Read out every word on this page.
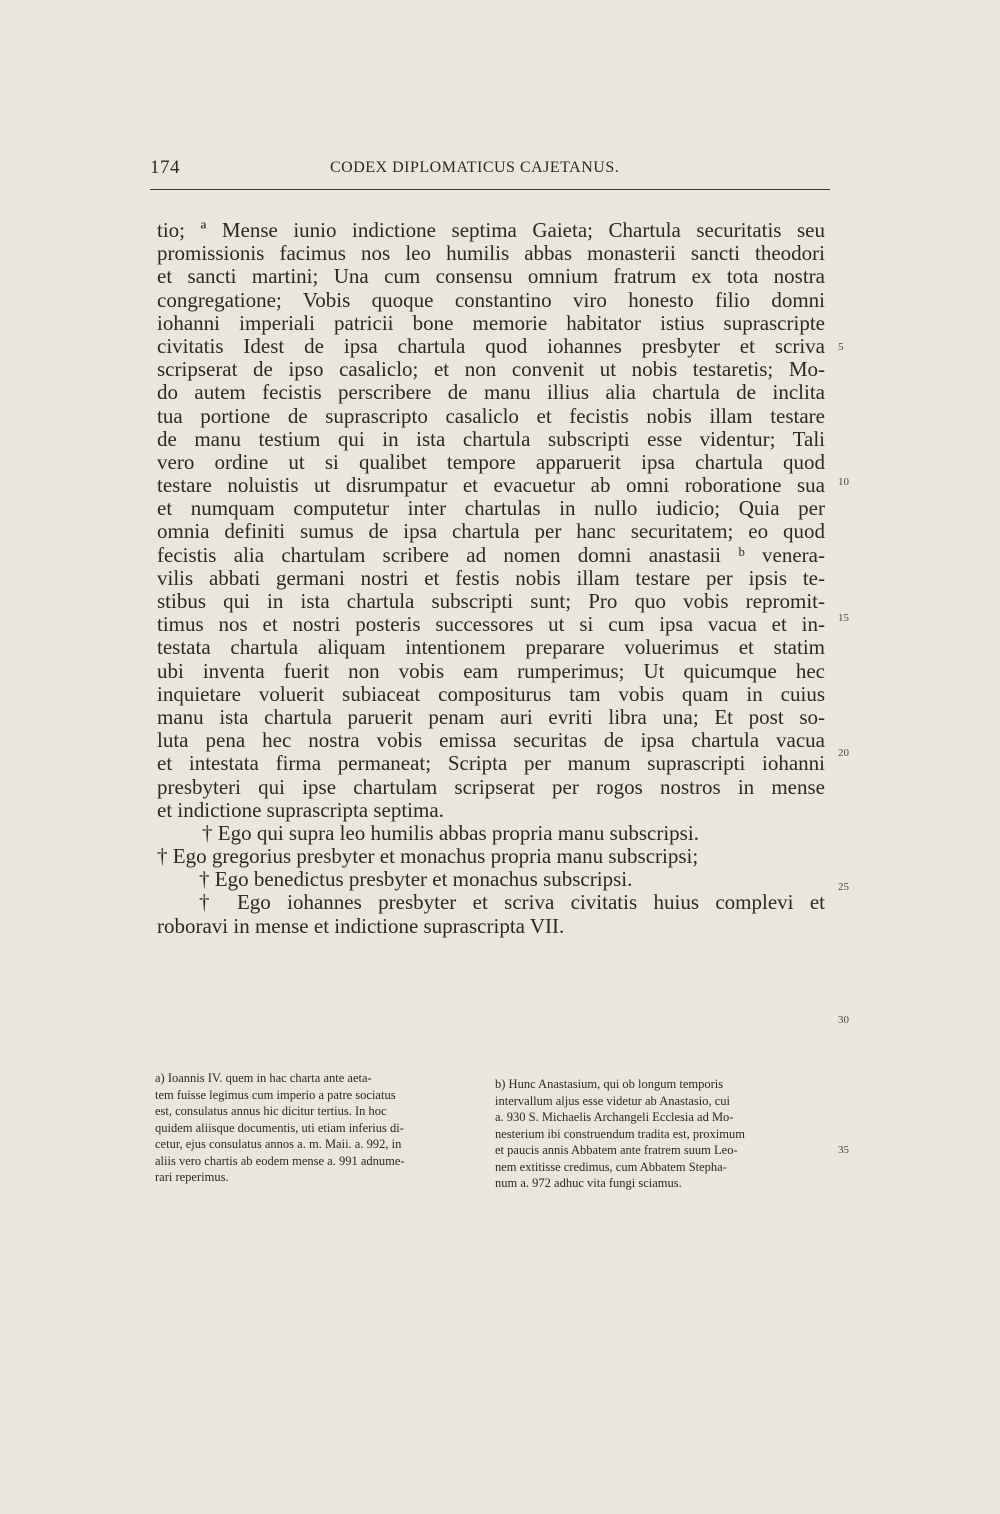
174	CODEX DIPLOMATICUS CAJETANUS.
tio; ª Mense iunio indictione septima Gaieta; Chartula securitatis seu
promissionis facimus nos leo humilis abbas monasterii sancti theodori
et sancti martini; Una cum consensu omnium fratrum ex tota nostra
congregatione; Vobis quoque constantino viro honesto filio domni
iohanni imperiali patricii bone memorie habitator istius suprascripte
civitatis Idest de ipsa chartula quod iohannes presbyter et scriva
scripserat de ipso casaliclo; et non convenit ut nobis testaretis; Mo-
do autem fecistis perscribere de manu illius alia chartula de inclita
tua portione de suprascripto casaliclo et fecistis nobis illam testare
de manu testium qui in ista chartula subscripti esse videntur; Tali
vero ordine ut si qualibet tempore apparuerit ipsa chartula quod
testare noluistis ut disrumpatur et evacuetur ab omni roboratione sua
et numquam computetur inter chartulas in nullo iudicio; Quia per
omnia definiti sumus de ipsa chartula per hanc securitatem; eo quod
fecistis alia chartulam scribere ad nomen domni anastasii ᵇ venera-
vilis abbati germani nostri et festis nobis illam testare per ipsis te-
stibus qui in ista chartula subscripti sunt; Pro quo vobis repromit-
timus nos et nostri posteris successores ut si cum ipsa vacua et in-
testata chartula aliquam intentionem preparare voluerimus et statim
ubi inventa fuerit non vobis eam rumperimus; Ut quicumque hec
inquietare voluerit subiaceat compositurus tam vobis quam in cuius
manu ista chartula paruerit penam auri evriti libra una; Et post so-
luta pena hec nostra vobis emissa securitas de ipsa chartula vacua
et intestata firma permaneat; Scripta per manum suprascripti iohanni
presbyteri qui ipse chartulam scripserat per rogos nostros in mense
et indictione suprascripta septima.
† Ego qui supra leo humilis abbas propria manu subscripsi.
† Ego gregorius presbyter et monachus propria manu subscripsi;
† Ego benedictus presbyter et monachus subscripsi.
† Ego iohannes presbyter et scriva civitatis huius complevi et
roboravi in mense et indictione suprascripta VII.
5
10
15
20
25
30
a) Ioannis IV. quem in hac charta ante aeta-
tem fuisse legimus cum imperio a patre sociatus
est, consulatus annus hic dicitur tertius. In hoc
quidem aliisque documentis, uti etiam inferius di-
cetur, ejus consulatus annos a. m. Maii. a. 992, in
aliis vero chartis ab eodem mense a. 991 adnume-
rari reperimus.
b) Hunc Anastasium, qui ob longum temporis
intervallum aljus esse videtur ab Anastasio, cui
a. 930 S. Michaelis Archangeli Ecclesia ad Mo-
nesterium ibi construendum tradita est, proximum
et paucis annis Abbatem ante fratrem suum Leo-
nem extitisse credimus, cum Abbatem Stepha-
num a. 972 adhuc vita fungi sciamus.
35
